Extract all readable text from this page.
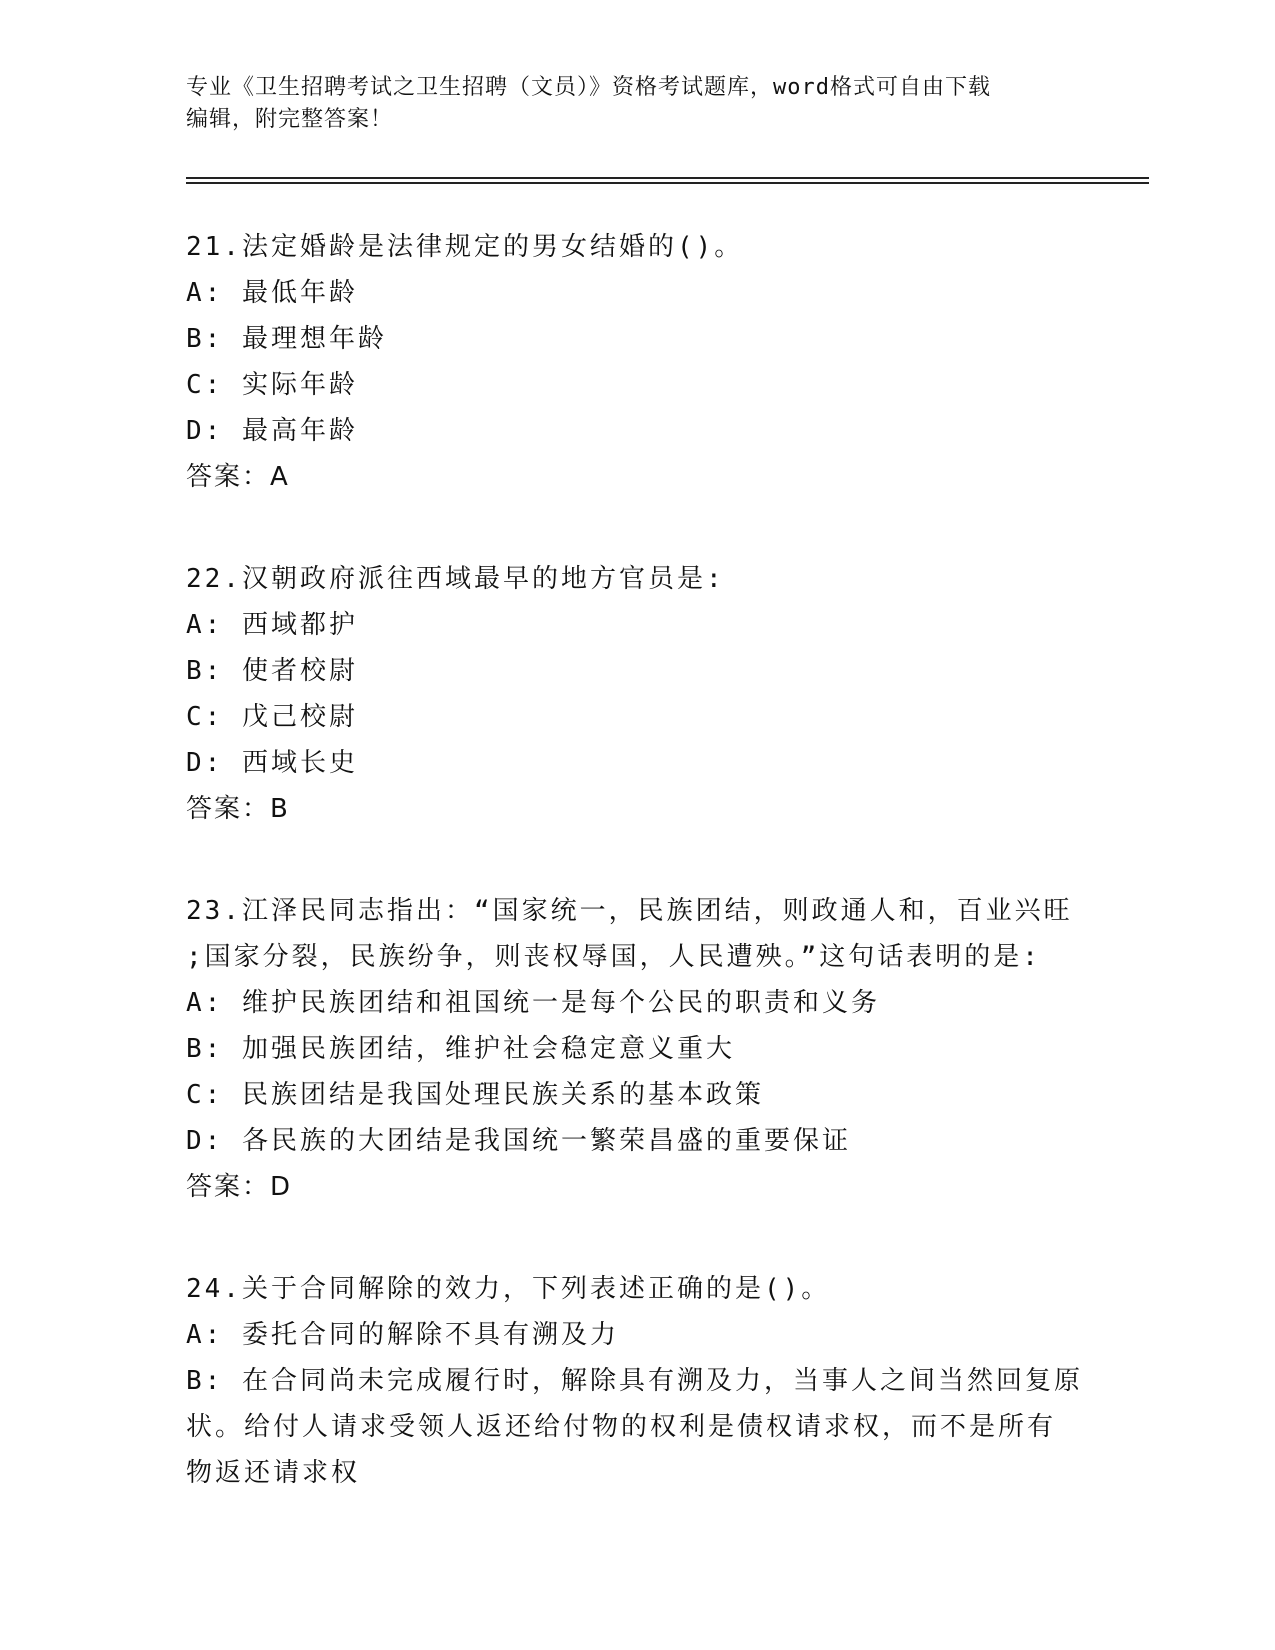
专业《卫生招聘考试之卫生招聘（文员）》资格考试题库，word格式可自由下载
编辑，附完整答案！
21.法定婚龄是法律规定的男女结婚的()。
A: 最低年龄
B: 最理想年龄
C: 实际年龄
D: 最高年龄
答案：A
22.汉朝政府派往西域最早的地方官员是:
A: 西域都护
B: 使者校尉
C: 戊己校尉
D: 西域长史
答案：B
23.江泽民同志指出：“国家统一，民族团结，则政通人和，百业兴旺
;国家分裂，民族纷争，则丧权辱国，人民遭殃。”这句话表明的是:
A: 维护民族团结和祖国统一是每个公民的职责和义务
B: 加强民族团结，维护社会稳定意义重大
C: 民族团结是我国处理民族关系的基本政策
D: 各民族的大团结是我国统一繁荣昌盛的重要保证
答案：D
24.关于合同解除的效力，下列表述正确的是()。
A: 委托合同的解除不具有溯及力
B: 在合同尚未完成履行时，解除具有溯及力，当事人之间当然回复原
状。给付人请求受领人返还给付物的权利是债权请求权，而不是所有
物返还请求权
